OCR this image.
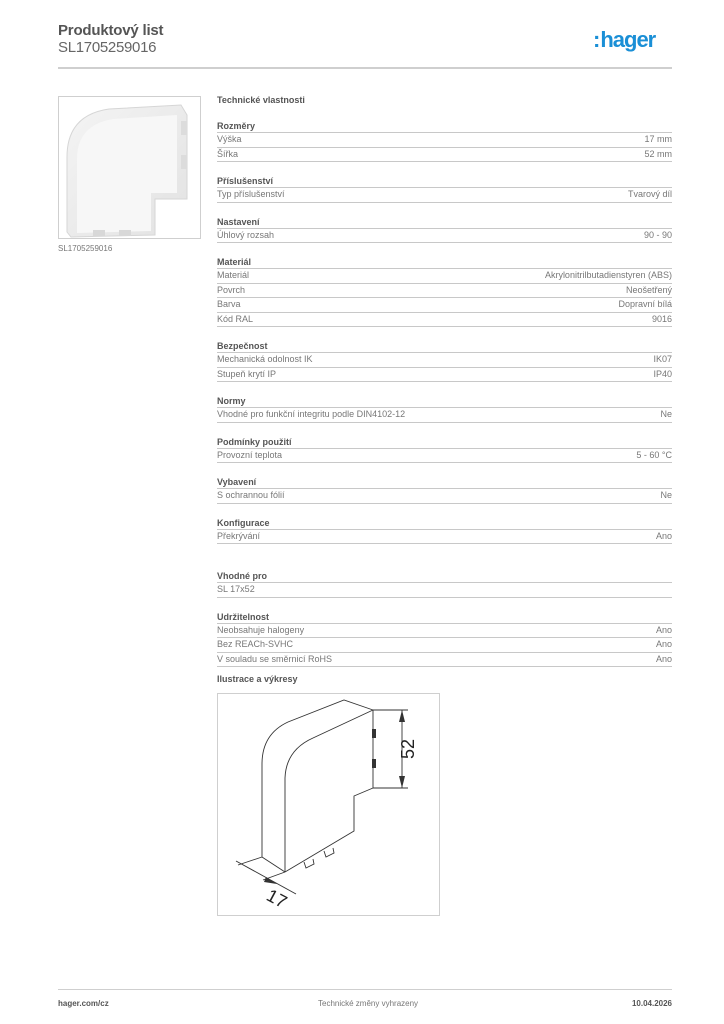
Produktový list
SL1705259016	:hager
SL1705259016
Technické vlastnosti
Rozměry
Výška	17 mm
Šířka	52 mm
Příslušenství
Typ příslušenství	Tvarový díl
Nastavení
Úhlový rozsah	90 - 90
Materiál
Materiál	Akrylonitrilbutadienstyren (ABS)
Povrch	Neošetřený
Barva	Dopravní bílá
Kód RAL	9016
Bezpečnost
Mechanická odolnost IK	IK07
Stupeň krytí IP	IP40
Normy
Vhodné pro funkční integritu podle DIN4102-12	Ne
Podmínky použití
Provozní teplota	5 - 60 °C
Vybavení
S ochrannou fólií	Ne
Konfigurace
Překrývání	Ano
Vhodné pro
SL 17x52
Udržitelnost
Neobsahuje halogeny	Ano
Bez REACh-SVHC	Ano
V souladu se směrnicí RoHS	Ano
Ilustrace a výkresy
52
17
hager.com/cz	Technické změny vyhrazeny	10.04.2026
